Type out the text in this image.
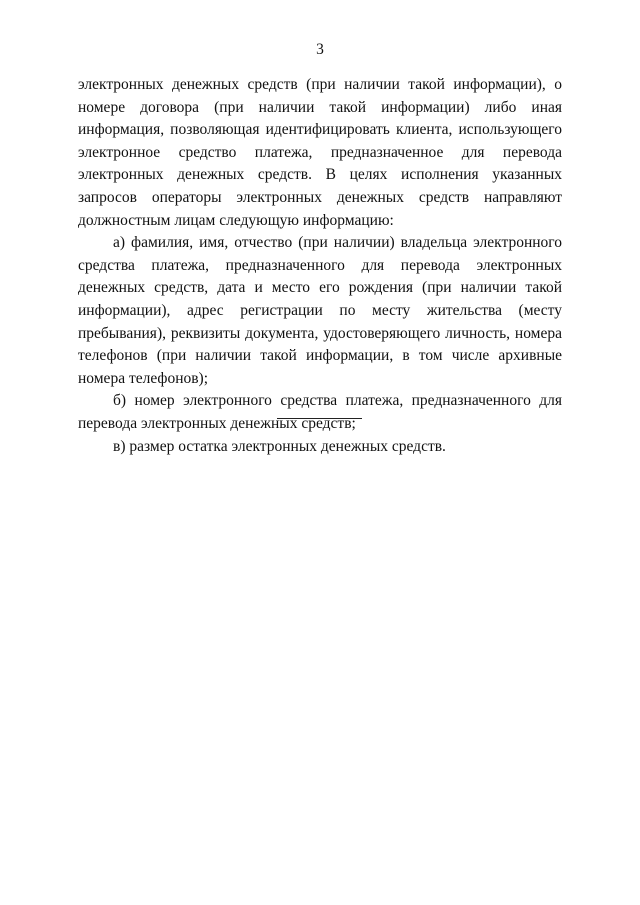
3

электронных денежных средств (при наличии такой информации), о номере договора (при наличии такой информации) либо иная информация, позволяющая идентифицировать клиента, использующего электронное средство платежа, предназначенное для перевода электронных денежных средств. В целях исполнения указанных запросов операторы электронных денежных средств направляют должностным лицам следующую информацию:

а) фамилия, имя, отчество (при наличии) владельца электронного средства платежа, предназначенного для перевода электронных денежных средств, дата и место его рождения (при наличии такой информации), адрес регистрации по месту жительства (месту пребывания), реквизиты документа, удостоверяющего личность, номера телефонов (при наличии такой информации, в том числе архивные номера телефонов);

б) номер электронного средства платежа, предназначенного для перевода электронных денежных средств;

в) размер остатка электронных денежных средств.
